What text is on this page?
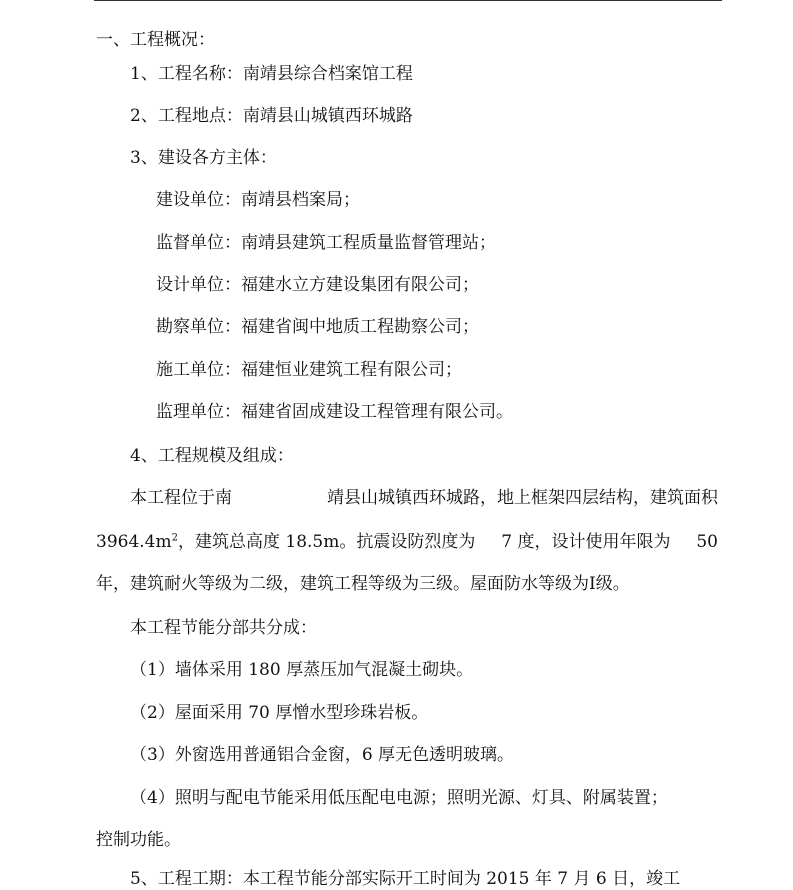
一、工程概况：
1、工程名称：南靖县综合档案馆工程
2、工程地点：南靖县山城镇西环城路
3、建设各方主体：
建设单位：南靖县档案局；
监督单位：南靖县建筑工程质量监督管理站；
设计单位：福建水立方建设集团有限公司；
勘察单位：福建省闽中地质工程勘察公司；
施工单位：福建恒业建筑工程有限公司；
监理单位：福建省固成建设工程管理有限公司。
4、工程规模及组成：
本工程位于南	靖县山城镇西环城路，地上框架四层结构，建筑面积
$3964.4m^2$，建筑总高度 18.5m。抗震设防烈度为 7 度，设计使用年限为 50
年，建筑耐火等级为二级，建筑工程等级为三级。屋面防水等级为Ⅰ级。
本工程节能分部共分成：
（1）墙体采用 180 厚蒸压加气混凝土砌块。
（2）屋面采用 70 厚憎水型珍珠岩板。
（3）外窗选用普通铝合金窗，6 厚无色透明玻璃。
（4）照明与配电节能采用低压配电电源；照明光源、灯具、附属装置；
控制功能。
5、工程工期：本工程节能分部实际开工时间为 2015 年 7 月 6 日，竣工
